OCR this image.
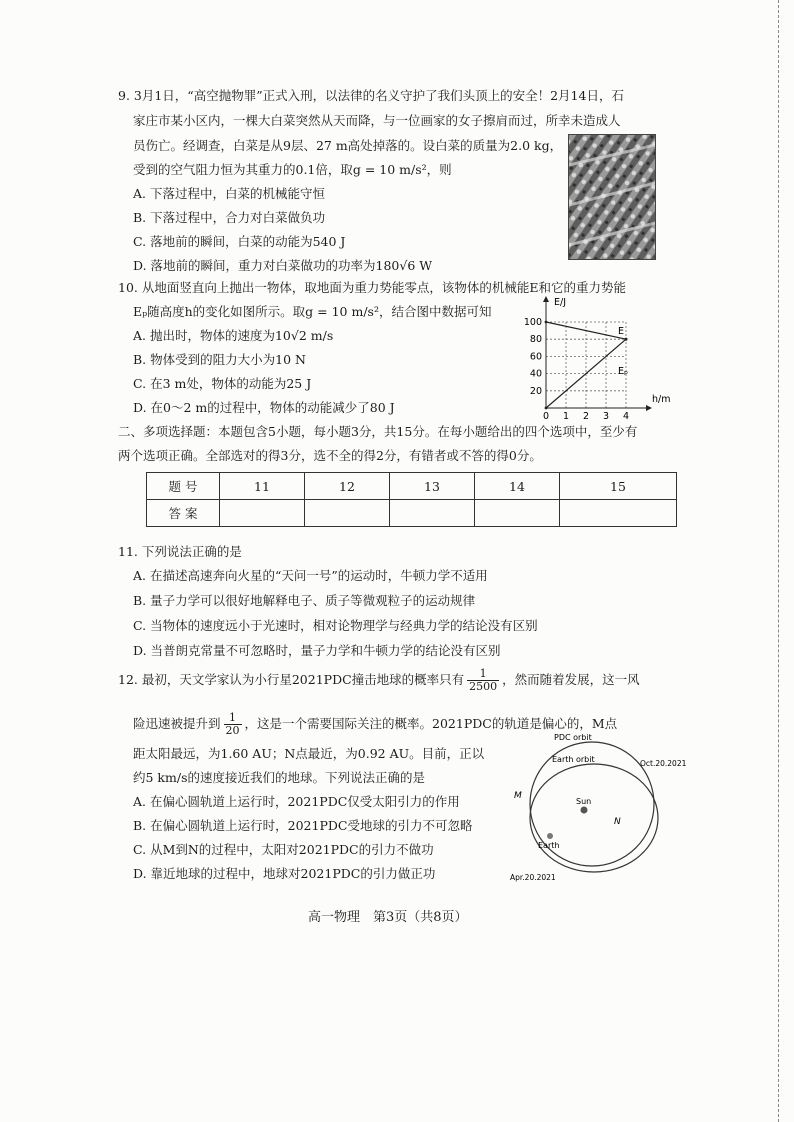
9. 3月1日，“高空抛物罪”正式入刑，以法律的名义守护了我们头顶上的安全！2月14日，石
家庄市某小区内，一棵大白菜突然从天而降，与一位画家的女子擦肩而过，所幸未造成人
员伤亡。经调查，白菜是从9层、27 m高处掉落的。设白菜的质量为2.0 kg，
受到的空气阻力恒为其重力的0.1倍，取g = 10 m/s²，则
A. 下落过程中，白菜的机械能守恒
B. 下落过程中，合力对白菜做负功
C. 落地前的瞬间，白菜的动能为540 J
D. 落地前的瞬间，重力对白菜做功的功率为180√6 W
10. 从地面竖直向上抛出一物体，取地面为重力势能零点，该物体的机械能E和它的重力势能
Eₚ随高度h的变化如图所示。取g = 10 m/s²，结合图中数据可知
A. 抛出时，物体的速度为10√2 m/s
B. 物体受到的阻力大小为10 N
C. 在3 m处，物体的动能为25 J
D. 在0～2 m的过程中，物体的动能减少了80 J
E/J
h/m
E
Eₚ
20
40
60
80
100
0 1 2 3 4
二、多项选择题：本题包含5小题，每小题3分，共15分。在每小题给出的四个选项中，至少有
两个选项正确。全部选对的得3分，选不全的得2分，有错者或不答的得0分。
题 号	11	12	13	14	15
答 案					
11. 下列说法正确的是
A. 在描述高速奔向火星的“天问一号”的运动时，牛顿力学不适用
B. 量子力学可以很好地解释电子、质子等微观粒子的运动规律
C. 当物体的速度远小于光速时，相对论物理学与经典力学的结论没有区别
D. 当普朗克常量不可忽略时，量子力学和牛顿力学的结论没有区别
12. 最初，天文学家认为小行星2021PDC撞击地球的概率只有 $\frac{1}{2500}$ ，然而随着发展，这一风
险迅速被提升到 $\frac{1}{20}$ ，这是一个需要国际关注的概率。2021PDC的轨道是偏心的，M点
距太阳最远，为1.60 AU；N点最近，为0.92 AU。目前，正以
约5 km/s的速度接近我们的地球。下列说法正确的是
A. 在偏心圆轨道上运行时，2021PDC仅受太阳引力的作用
B. 在偏心圆轨道上运行时，2021PDC受地球的引力不可忽略
C. 从M到N的过程中，太阳对2021PDC的引力不做功
D. 靠近地球的过程中，地球对2021PDC的引力做正功
PDC orbit
Earth orbit
Sun
Earth
M
N
Oct.20.2021
Apr.20.2021
高一物理　第3页（共8页）
